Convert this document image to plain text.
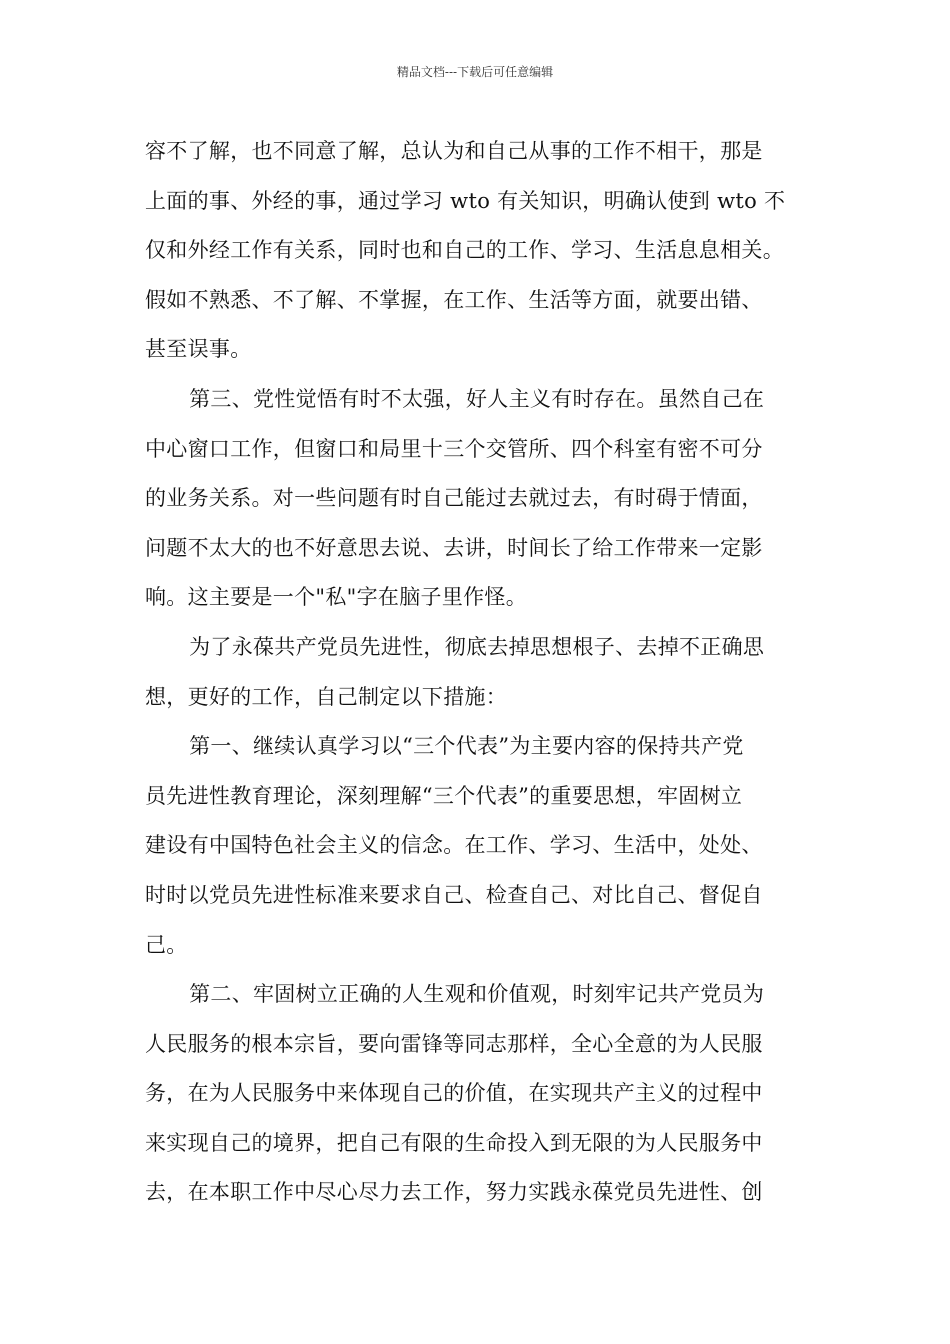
精品文档---下载后可任意编辑
容不了解，也不同意了解，总认为和自己从事的工作不相干，那是
上面的事、外经的事，通过学习 wto 有关知识，明确认使到 wto 不
仅和外经工作有关系，同时也和自己的工作、学习、生活息息相关。
假如不熟悉、不了解、不掌握，在工作、生活等方面，就要出错、
甚至误事。
第三、党性觉悟有时不太强，好人主义有时存在。虽然自己在
中心窗口工作，但窗口和局里十三个交管所、四个科室有密不可分
的业务关系。对一些问题有时自己能过去就过去，有时碍于情面，
问题不太大的也不好意思去说、去讲，时间长了给工作带来一定影
响。这主要是一个"私"字在脑子里作怪。
为了永葆共产党员先进性，彻底去掉思想根子、去掉不正确思
想，更好的工作，自己制定以下措施：
第一、继续认真学习以“三个代表”为主要内容的保持共产党
员先进性教育理论，深刻理解“三个代表”的重要思想，牢固树立
建设有中国特色社会主义的信念。在工作、学习、生活中，处处、
时时以党员先进性标准来要求自己、检查自己、对比自己、督促自
己。
第二、牢固树立正确的人生观和价值观，时刻牢记共产党员为
人民服务的根本宗旨，要向雷锋等同志那样，全心全意的为人民服
务，在为人民服务中来体现自己的价值，在实现共产主义的过程中
来实现自己的境界，把自己有限的生命投入到无限的为人民服务中
去，在本职工作中尽心尽力去工作，努力实践永葆党员先进性、创
